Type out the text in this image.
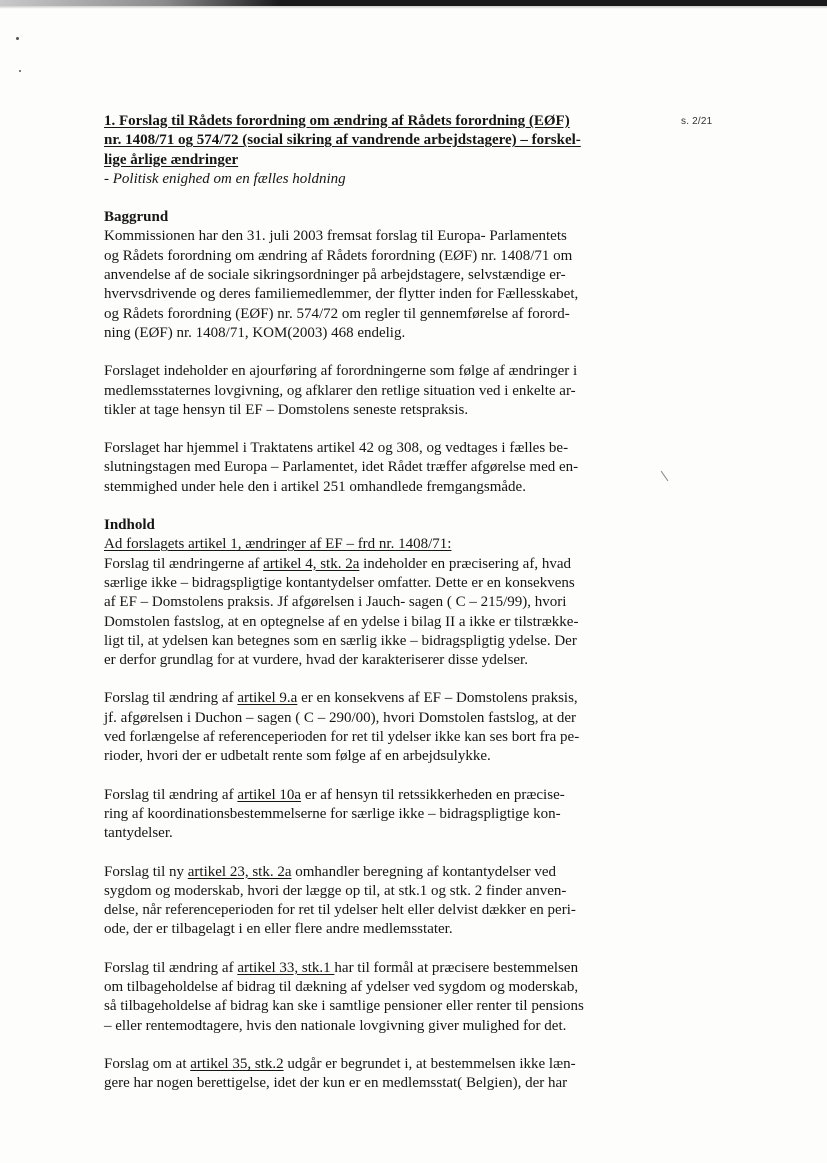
s. 2/21
1. Forslag til Rådets forordning om ændring af Rådets forordning (EØF)
nr. 1408/71 og 574/72 (social sikring af vandrende arbejdstagere) – forskel-
lige årlige ændringer
- Politisk enighed om en fælles holdning
Baggrund
Kommissionen har den 31. juli 2003 fremsat forslag til Europa- Parlamentets
og Rådets forordning om ændring af Rådets forordning (EØF) nr. 1408/71 om
anvendelse af de sociale sikringsordninger på arbejdstagere, selvstændige er-
hvervsdrivende og deres familiemedlemmer, der flytter inden for Fællesskabet,
og Rådets forordning (EØF) nr. 574/72 om regler til gennemførelse af forord-
ning (EØF) nr. 1408/71, KOM(2003) 468 endelig.
Forslaget indeholder en ajourføring af forordningerne som følge af ændringer i
medlemsstaternes lovgivning, og afklarer den retlige situation ved i enkelte ar-
tikler at tage hensyn til EF – Domstolens seneste retspraksis.
Forslaget har hjemmel i Traktatens artikel 42 og 308, og vedtages i fælles be-
slutningstagen med Europa – Parlamentet, idet Rådet træffer afgørelse med en-
stemmighed under hele den i artikel 251 omhandlede fremgangsmåde.
Indhold
Ad forslagets artikel 1, ændringer af EF – frd nr. 1408/71:
Forslag til ændringerne af artikel 4, stk. 2a indeholder en præcisering af, hvad
særlige ikke – bidragspligtige kontantydelser omfatter. Dette er en konsekvens
af EF – Domstolens praksis. Jf afgørelsen i Jauch- sagen ( C – 215/99), hvori
Domstolen fastslog, at en optegnelse af en ydelse i bilag II a ikke er tilstrække-
ligt til, at ydelsen kan betegnes som en særlig ikke – bidragspligtig ydelse. Der
er derfor grundlag for at vurdere, hvad der karakteriserer disse ydelser.
Forslag til ændring af artikel 9.a er en konsekvens af EF – Domstolens praksis,
jf. afgørelsen i Duchon – sagen ( C – 290/00), hvori Domstolen fastslog, at der
ved forlængelse af referenceperioden for ret til ydelser ikke kan ses bort fra pe-
rioder, hvori der er udbetalt rente som følge af en arbejdsulykke.
Forslag til ændring af artikel 10a er af hensyn til retssikkerheden en præcise-
ring af koordinationsbestemmelserne for særlige ikke – bidragspligtige kon-
tantydelser.
Forslag til ny artikel 23, stk. 2a omhandler beregning af kontantydelser ved
sygdom og moderskab, hvori der lægge op til, at stk.1 og stk. 2 finder anven-
delse, når referenceperioden for ret til ydelser helt eller delvist dækker en peri-
ode, der er tilbagelagt i en eller flere andre medlemsstater.
Forslag til ændring af artikel 33, stk.1 har til formål at præcisere bestemmelsen
om tilbageholdelse af bidrag til dækning af ydelser ved sygdom og moderskab,
så tilbageholdelse af bidrag kan ske i samtlige pensioner eller renter til pensions
– eller rentemodtagere, hvis den nationale lovgivning giver mulighed for det.
Forslag om at artikel 35, stk.2 udgår er begrundet i, at bestemmelsen ikke læn-
gere har nogen berettigelse, idet der kun er en medlemsstat( Belgien), der har
